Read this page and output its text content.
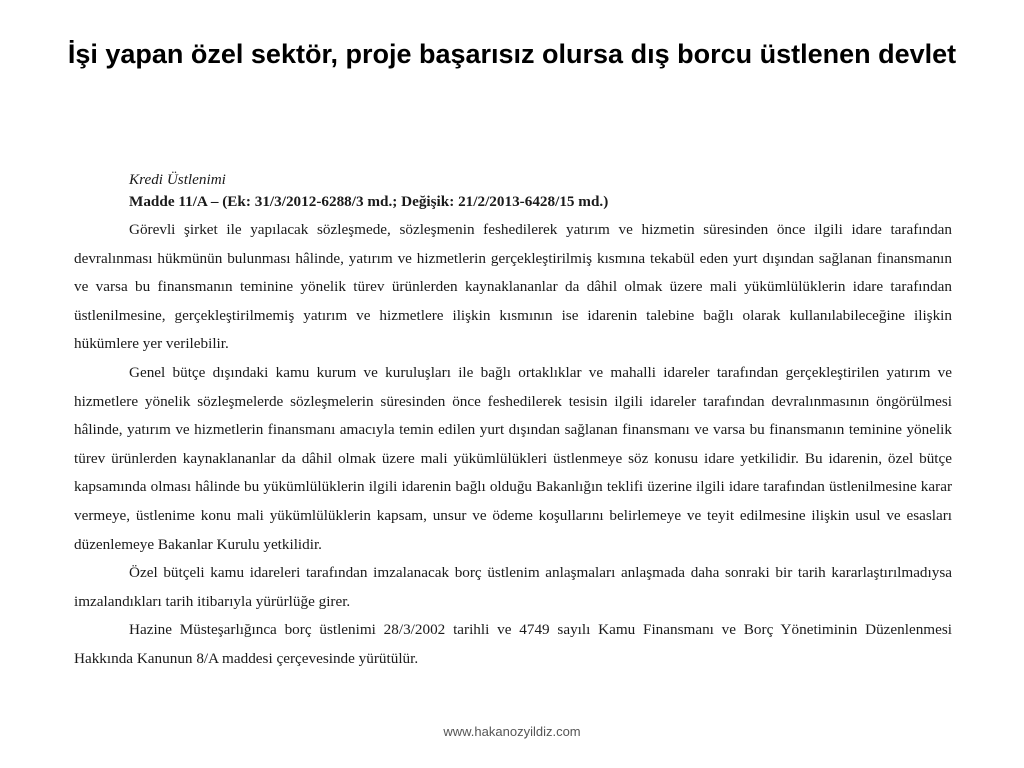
İşi yapan özel sektör, proje başarısız olursa dış borcu üstlenen devlet
Kredi Üstlenimi
Madde 11/A – (Ek: 31/3/2012-6288/3 md.; Değişik: 21/2/2013-6428/15 md.)

Görevli şirket ile yapılacak sözleşmede, sözleşmenin feshedilerek yatırım ve hizmetin süresinden önce ilgili idare tarafından devralınması hükmünün bulunması hâlinde, yatırım ve hizmetlerin gerçekleştirilmiş kısmına tekabül eden yurt dışından sağlanan finansmanın ve varsa bu finansmanın teminine yönelik türev ürünlerden kaynaklananlar da dâhil olmak üzere mali yükümlülüklerin idare tarafından üstlenilmesine, gerçekleştirilmemiş yatırım ve hizmetlere ilişkin kısmının ise idarenin talebine bağlı olarak kullanılabileceğine ilişkin hükümlere yer verilebilir.

Genel bütçe dışındaki kamu kurum ve kuruluşları ile bağlı ortaklıklar ve mahalli idareler tarafından gerçekleştirilen yatırım ve hizmetlere yönelik sözleşmelerde sözleşmelerin süresinden önce feshedilerek tesisin ilgili idareler tarafından devralınmasının öngörülmesi hâlinde, yatırım ve hizmetlerin finansmanı amacıyla temin edilen yurt dışından sağlanan finansmanı ve varsa bu finansmanın teminine yönelik türev ürünlerden kaynaklananlar da dâhil olmak üzere mali yükümlülükleri üstlenmeye söz konusu idare yetkilidir. Bu idarenin, özel bütçe kapsamında olması hâlinde bu yükümlülüklerin ilgili idarenin bağlı olduğu Bakanlığın teklifi üzerine ilgili idare tarafından üstlenilmesine karar vermeye, üstlenime konu mali yükümlülüklerin kapsam, unsur ve ödeme koşullarını belirlemeye ve teyit edilmesine ilişkin usul ve esasları düzenlemeye Bakanlar Kurulu yetkilidir.

Özel bütçeli kamu idareleri tarafından imzalanacak borç üstlenim anlaşmaları anlaşmada daha sonraki bir tarih kararlaştırılmadıysa imzalandıkları tarih itibarıyla yürürlüğe girer.

Hazine Müsteşarlığınca borç üstlenimi 28/3/2002 tarihli ve 4749 sayılı Kamu Finansmanı ve Borç Yönetiminin Düzenlenmesi Hakkında Kanunun 8/A maddesi çerçevesinde yürütülür.

www.hakanozyildiz.com
